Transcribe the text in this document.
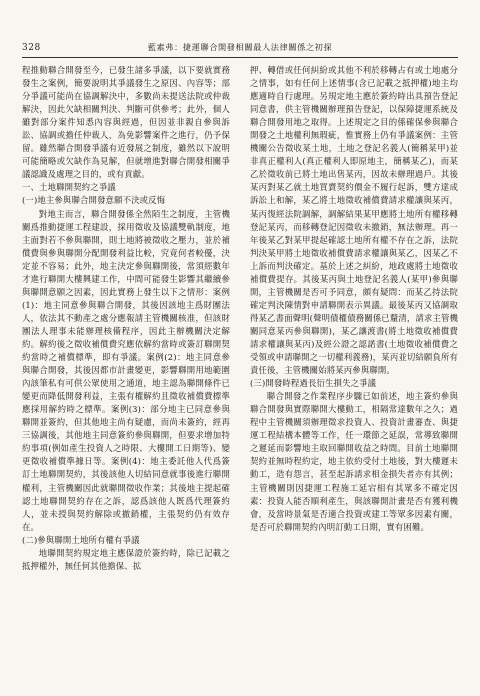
328	藍素弗：捷運聯合開發相關最人法律關係之初探

程推動聯合開發至今，已發生諸多爭議，以下要就實務發生之案例，簡要說明其爭議發生之原因、內容等；部分爭議可能尚在協調解決中，多數尚未提送法院或仲裁解決，因此欠缺相關判決、判斷可供參考；此外，個人雖對部分案件知悉內容與經過，但因並非親自參與訴訟、協調或擔任仲裁人，為免影響案件之進行，仍予保留。雖然聯合開發爭議有近發展之制度，雖然以下說明可能簡略或欠缺作為見解，但就增進對聯合開發相關爭議認識及處理之目的，或有貢獻。

一、土地聯開契約之爭議

(一)地主參與聯合開發意願不決或反悔

對地主而言，聯合開發係全然陌生之制度，主管機關爲推動捷運工程建設，採用徵收及協議雙軌制度，地主面對若不參與聯開，則土地將被徵收之壓力，並於補償費與參與聯開分配開發利益比較，究竟何者較優，決定並不容易；此外，地主決定參與聯開後，常須經數年才進行聯開大樓興建工作，中間可能發生影響其繼續參與聯開意願之因素，因此實務上發生以下之情形：案例(1)：地主同意參與聯合開發，其後因該地主爲財團法人，依法其不動產之處分應報請主管機關核准，但該財團法人理事未能辦理核備程序，因此主辦機關決定解約。解約後之徵收補償費究應依解約當時或簽訂聯開契約當時之補償標準，即有爭議。案例(2)：地主同意參與聯合開發，其後因都市計畫變更，影響聯開用地範圍內該筆私有可供公眾使用之通道，地主認為聯開條件已變更而降低開發利益，主張有權解約且徵收補償費標準應採用解約時之標準。案例(3)：部分地主已同意參與聯開並簽約，但其他地主尚有疑慮，而尚未簽約，經再三協調後，其他地主同意簽約參與聯開，但要求增加特約事項(例如產生投資人之時限、大樓開工日期等)、變更徵收補償準據日等。案例(4)：地主委託他人代爲簽訂土地聯開契約，其後該他人切結同意就事後進行聯開權利，主管機關因此就聯開徵收作業；其後地主提起確認土地聯開契約存在之訴，認爲該他人既爲代理簽約人，並未授與契約解除或撤銷權，主張契約仍有效存在。

(二)參與聯開土地所有權有爭議

地聯開契約規定地主應保證於簽約時，除已記載之抵押權外，無任何其他擔保、拡

押、轉借或任何糾紛或其他不利於移轉占有或土地處分之情事，如有任何上述情事(含已記載之抵押權)地主均應適時自行處理。另規定地主應於簽約時出具預告登記同意書，供主管機關辦理預告登記，以保障捷運系統及聯合開發用地之取得。上述規定之目的係確保參與聯合開發之土地權利無瑕疵，惟實務上仍有爭議案例：主管機關公告徵收某土地，土地之登記名義人(簡稱某甲)並非真正權利人(真正權利人即原地主，簡稱某乙)，而某乙於徵收前已將土地出售某丙，因故未辦理過戶。其後某丙對某乙就土地買賣契約價金不履行起訴，雙方達成訴訟上和解，某乙將土地徵收補償費請求權讓與某丙，某丙復經法院調解，調解結果某甲應將土地所有權移轉登記某丙，而移轉登記因徵收未撤銷，無法辦理。再一年後某乙對某甲提起確認土地所有權不存在之訴，法院判決某甲將土地徵收補償費請求權讓與某乙，因某乙不上訴而判決確定。基於上述之糾紛，地政處將土地徵收補償費提存。其後某丙與土地登記名義人(某甲)參與聯開，主管機關是否可予同意，頗有疑問：而某乙持法院確定判決陳情對申請聯開表示異議。最後某丙又協調取得某乙書面聲明(聲明債權債務關係已釐清，請求主管機關同意某丙參與聯開)，某乙讓渡書(將土地徵收補償費請求權讓與某丙)及經公證之認諾書(土地徵收補償費之受領或申請聯開之一切權利義務)，某丙並切結願負所有責任後，主管機關始將某丙參與聯開。

(三)開發時程過長衍生損失之爭議

聯合開發之作業程序步驟已如前述，地主簽約參與聯合開發與實際聯開大樓動工，相隔常達數年之久；過程中主管機關須辦理徵求投資人、投資計畫審查、與捷運工程結構本體等工作，任一環節之延誤，常導致聯開之遲延而影響地主取回聯開收益之時間。目前土地聯開契約並無時程約定，地主依約受付土地後，對大樓遲未動工，造有怨言，甚至起訴請求相金損失者亦有其例；主管機關則因捷運工程施工延宕相有其眾多不確定因素：投資人能否順利產生，與該聯開計畫是否有獲利機會，及當時景氣是否適合投資或建工等眾多因素有關，是否可於聯開契約內明訂動工日期，實有困難。
